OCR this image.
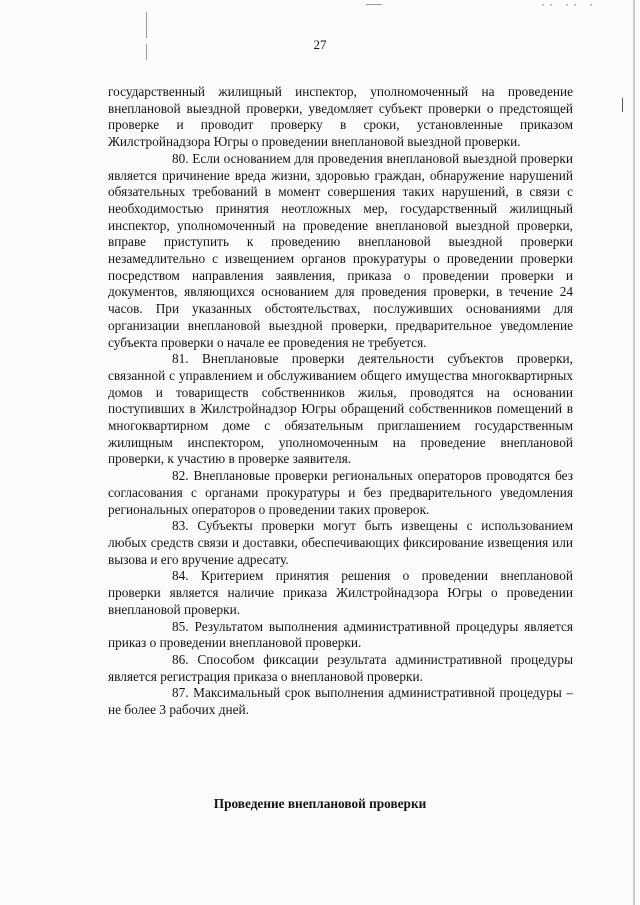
·· ·· ·
27

государственный жилищный инспектор, уполномоченный на проведение внеплановой выездной проверки, уведомляет субъект проверки о предстоящей проверке и проводит проверку в сроки, установленные приказом Жилстройнадзора Югры о проведении внеплановой выездной проверки.

80. Если основанием для проведения внеплановой выездной проверки является причинение вреда жизни, здоровью граждан, обнаружение нарушений обязательных требований в момент совершения таких нарушений, в связи с необходимостью принятия неотложных мер, государственный жилищный инспектор, уполномоченный на проведение внеплановой выездной проверки, вправе приступить к проведению внеплановой выездной проверки незамедлительно с извещением органов прокуратуры о проведении проверки посредством направления заявления, приказа о проведении проверки и документов, являющихся основанием для проведения проверки, в течение 24 часов. При указанных обстоятельствах, послуживших основаниями для организации внеплановой выездной проверки, предварительное уведомление субъекта проверки о начале ее проведения не требуется.

81. Внеплановые проверки деятельности субъектов проверки, связанной с управлением и обслуживанием общего имущества многоквартирных домов и товариществ собственников жилья, проводятся на основании поступивших в Жилстройнадзор Югры обращений собственников помещений в многоквартирном доме с обязательным приглашением государственным жилищным инспектором, уполномоченным на проведение внеплановой проверки, к участию в проверке заявителя.

82. Внеплановые проверки региональных операторов проводятся без согласования с органами прокуратуры и без предварительного уведомления региональных операторов о проведении таких проверок.

83. Субъекты проверки могут быть извещены с использованием любых средств связи и доставки, обеспечивающих фиксирование извещения или вызова и его вручение адресату.

84. Критерием принятия решения о проведении внеплановой проверки является наличие приказа Жилстройнадзора Югры о проведении внеплановой проверки.

85. Результатом выполнения административной процедуры является приказ о проведении внеплановой проверки.

86. Способом фиксации результата административной процедуры является регистрация приказа о внеплановой проверки.

87. Максимальный срок выполнения административной процедуры – не более 3 рабочих дней.

Проведение внеплановой проверки
